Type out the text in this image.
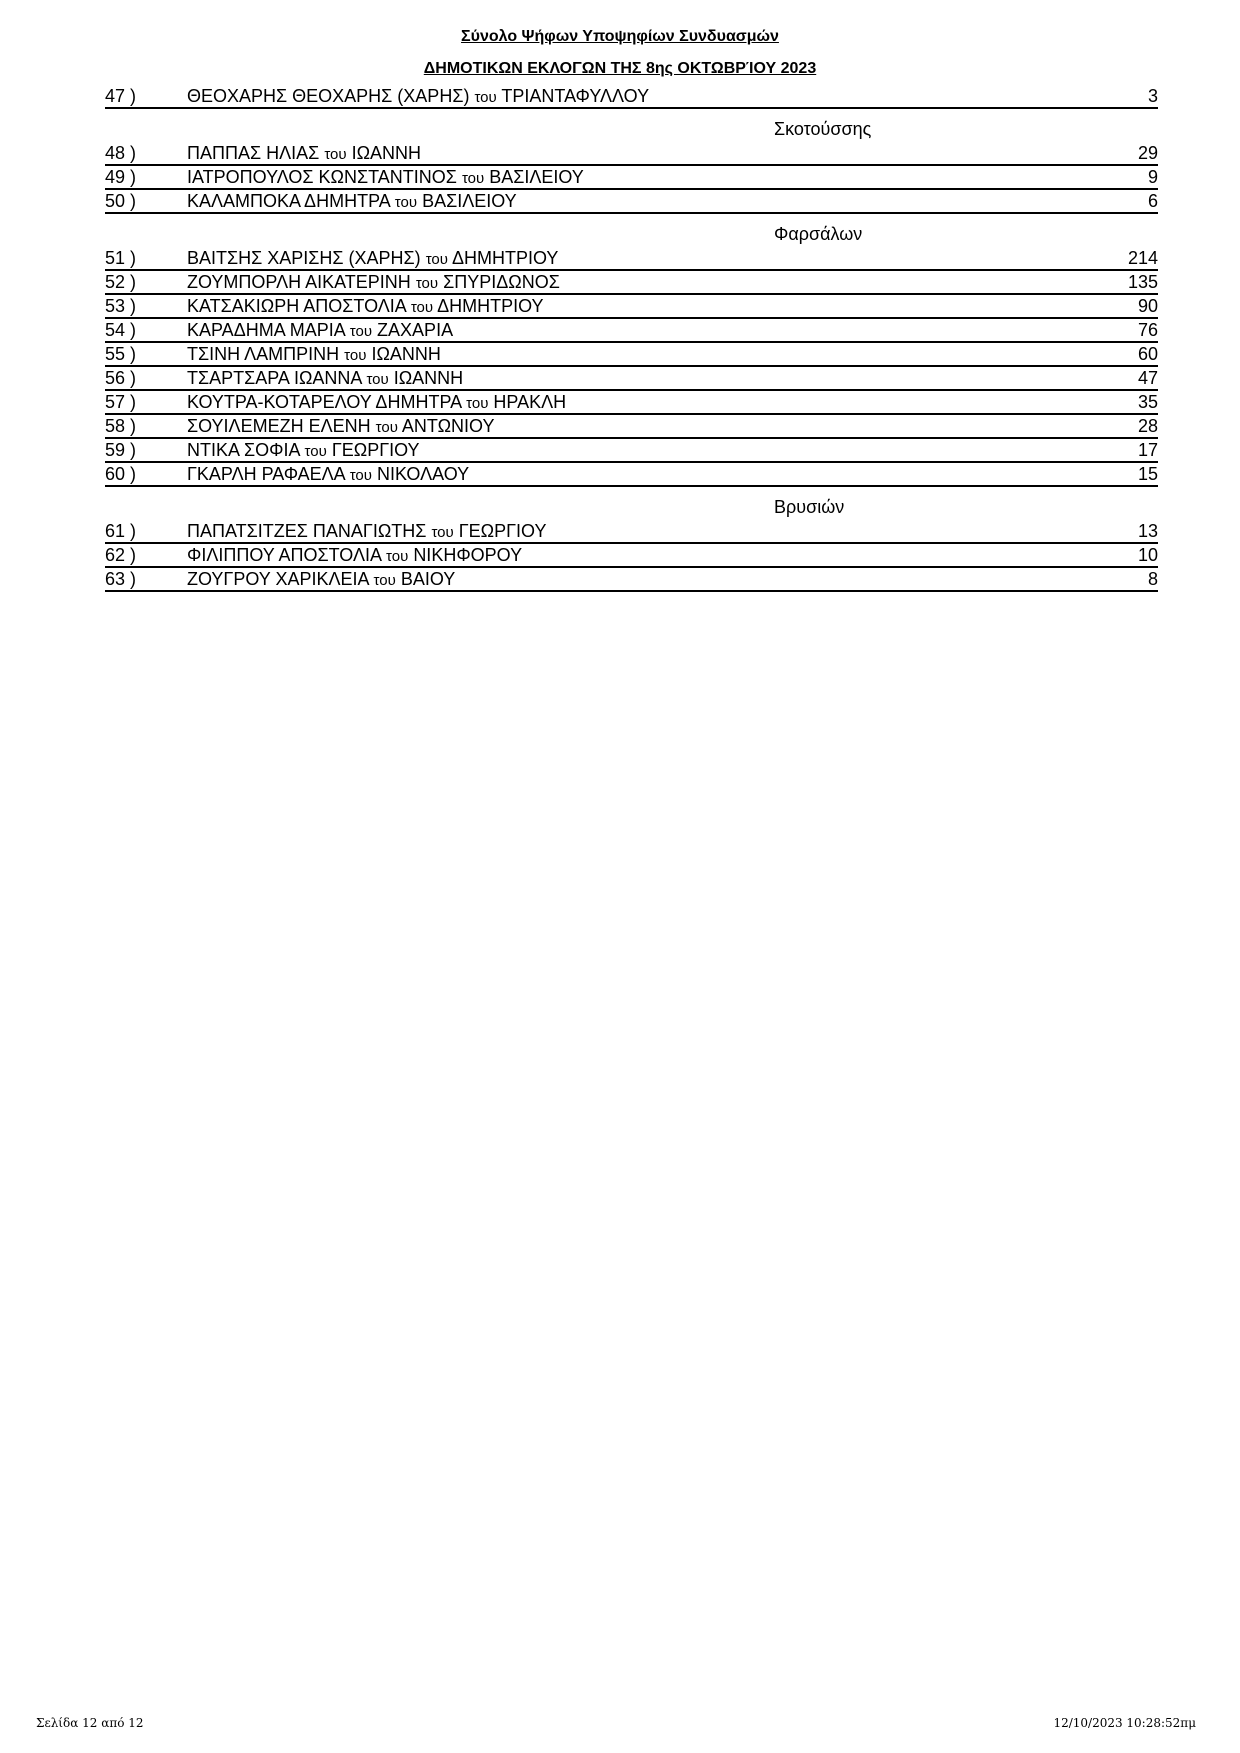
Σύνολο Ψήφων Υποψηφίων Συνδυασμών
ΔΗΜΟΤΙΚΩΝ ΕΚΛΟΓΩΝ ΤΗΣ 8ης ΟΚΤΩΒΡΊΟΥ 2023
47 )	ΘΕΟΧΑΡΗΣ ΘΕΟΧΑΡΗΣ (ΧΑΡΗΣ) του ΤΡΙΑΝΤΑΦΥΛΛΟΥ	3
Σκοτούσσης
48 )	ΠΑΠΠΑΣ ΗΛΙΑΣ του ΙΩΑΝΝΗ	29
49 )	ΙΑΤΡΟΠΟΥΛΟΣ ΚΩΝΣΤΑΝΤΙΝΟΣ του ΒΑΣΙΛΕΙΟΥ	9
50 )	ΚΑΛΑΜΠΟΚΑ ΔΗΜΗΤΡΑ του ΒΑΣΙΛΕΙΟΥ	6
Φαρσάλων
51 )	ΒΑΙΤΣΗΣ ΧΑΡΙΣΗΣ (ΧΑΡΗΣ) του ΔΗΜΗΤΡΙΟΥ	214
52 )	ΖΟΥΜΠΟΡΛΗ ΑΙΚΑΤΕΡΙΝΗ του ΣΠΥΡΙΔΩΝΟΣ	135
53 )	ΚΑΤΣΑΚΙΩΡΗ ΑΠΟΣΤΟΛΙΑ του ΔΗΜΗΤΡΙΟΥ	90
54 )	ΚΑΡΑΔΗΜΑ ΜΑΡΙΑ του ΖΑΧΑΡΙΑ	76
55 )	ΤΣΙΝΗ ΛΑΜΠΡΙΝΗ του ΙΩΑΝΝΗ	60
56 )	ΤΣΑΡΤΣΑΡΑ ΙΩΑΝΝΑ του ΙΩΑΝΝΗ	47
57 )	ΚΟΥΤΡΑ-ΚΟΤΑΡΕΛΟΥ ΔΗΜΗΤΡΑ του ΗΡΑΚΛΗ	35
58 )	ΣΟΥΙΛΕΜΕΖΗ ΕΛΕΝΗ του ΑΝΤΩΝΙΟΥ	28
59 )	ΝΤΙΚΑ ΣΟΦΙΑ του ΓΕΩΡΓΙΟΥ	17
60 )	ΓΚΑΡΛΗ ΡΑΦΑΕΛΑ του ΝΙΚΟΛΑΟΥ	15
Βρυσιών
61 )	ΠΑΠΑΤΣΙΤΖΕΣ ΠΑΝΑΓΙΩΤΗΣ του ΓΕΩΡΓΙΟΥ	13
62 )	ΦΙΛΙΠΠΟΥ ΑΠΟΣΤΟΛΙΑ του ΝΙΚΗΦΟΡΟΥ	10
63 )	ΖΟΥΓΡΟΥ ΧΑΡΙΚΛΕΙΑ του ΒΑΙΟΥ	8
Σελίδα 12 από 12	12/10/2023 10:28:52πμ
